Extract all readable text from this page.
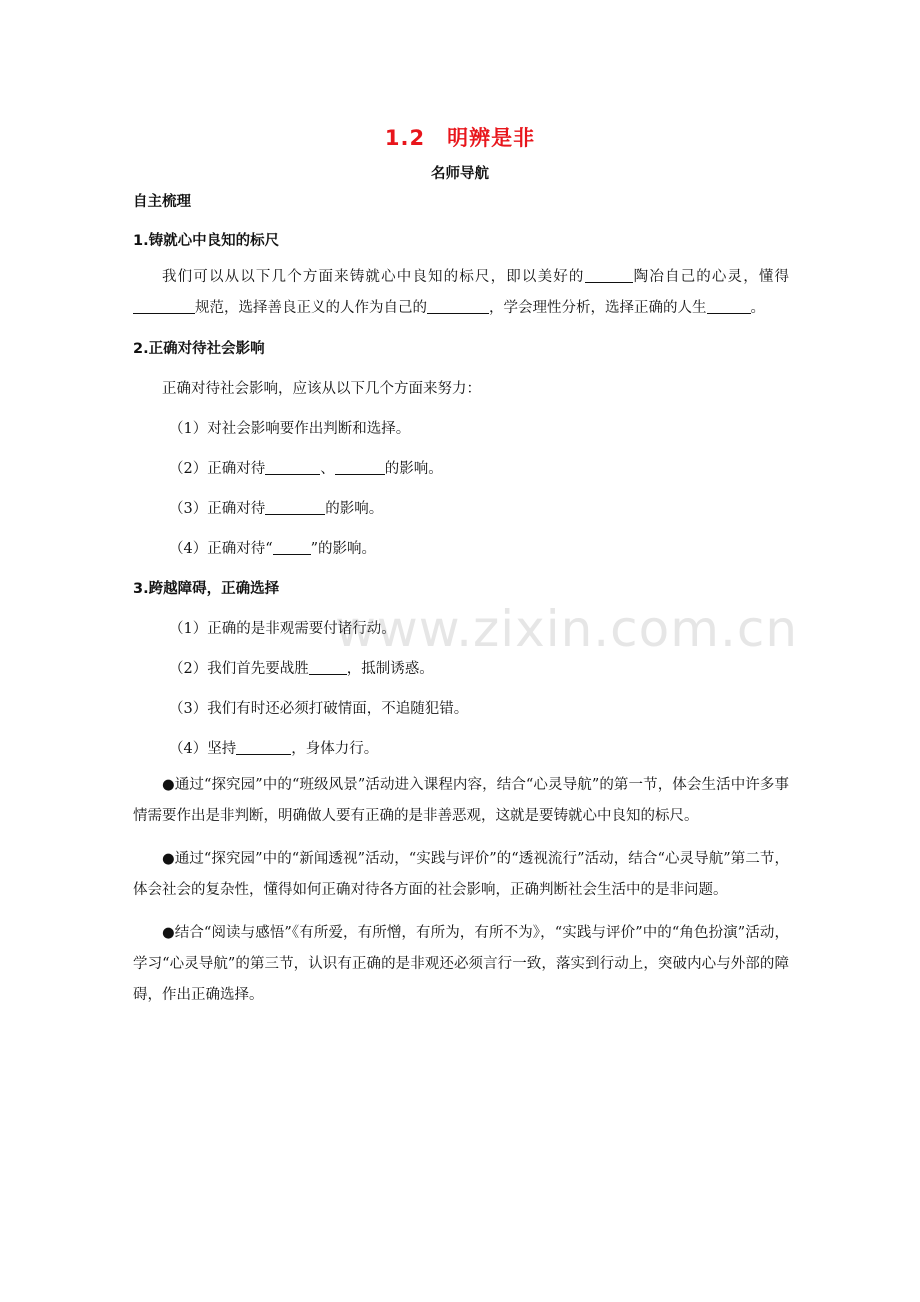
www.zixin.com.cn
1.2 明辨是非
名师导航
自主梳理
1.铸就心中良知的标尺

我们可以从以下几个方面来铸就心中良知的标尺，即以美好的	陶冶自己的心灵，懂得规范，选择善良正义的人作为自己的	，学会理性分析，选择正确的人生	。

2.正确对待社会影响
正确对待社会影响，应该从以下几个方面来努力：
（1）对社会影响要作出判断和选择。
（2）正确对待	、	的影响。
（3）正确对待	的影响。
（4）正确对待“	”的影响。
3.跨越障碍，正确选择
（1）正确的是非观需要付诸行动。
（2）我们首先要战胜	，抵制诱惑。
（3）我们有时还必须打破情面，不追随犯错。
（4）坚持	，身体力行。

●通过“探究园”中的“班级风景”活动进入课程内容，结合“心灵导航”的第一节，体会生活中许多事情需要作出是非判断，明确做人要有正确的是非善恶观，这就是要铸就心中良知的标尺。

●通过“探究园”中的“新闻透视”活动，“实践与评价”的“透视流行”活动，结合“心灵导航”第二节，体会社会的复杂性，懂得如何正确对待各方面的社会影响，正确判断社会生活中的是非问题。

●结合“阅读与感悟”《有所爱，有所憎，有所为，有所不为》，“实践与评价”中的“角色扮演”活动，学习“心灵导航”的第三节，认识有正确的是非观还必须言行一致，落实到行动上，突破内心与外部的障碍，作出正确选择。
